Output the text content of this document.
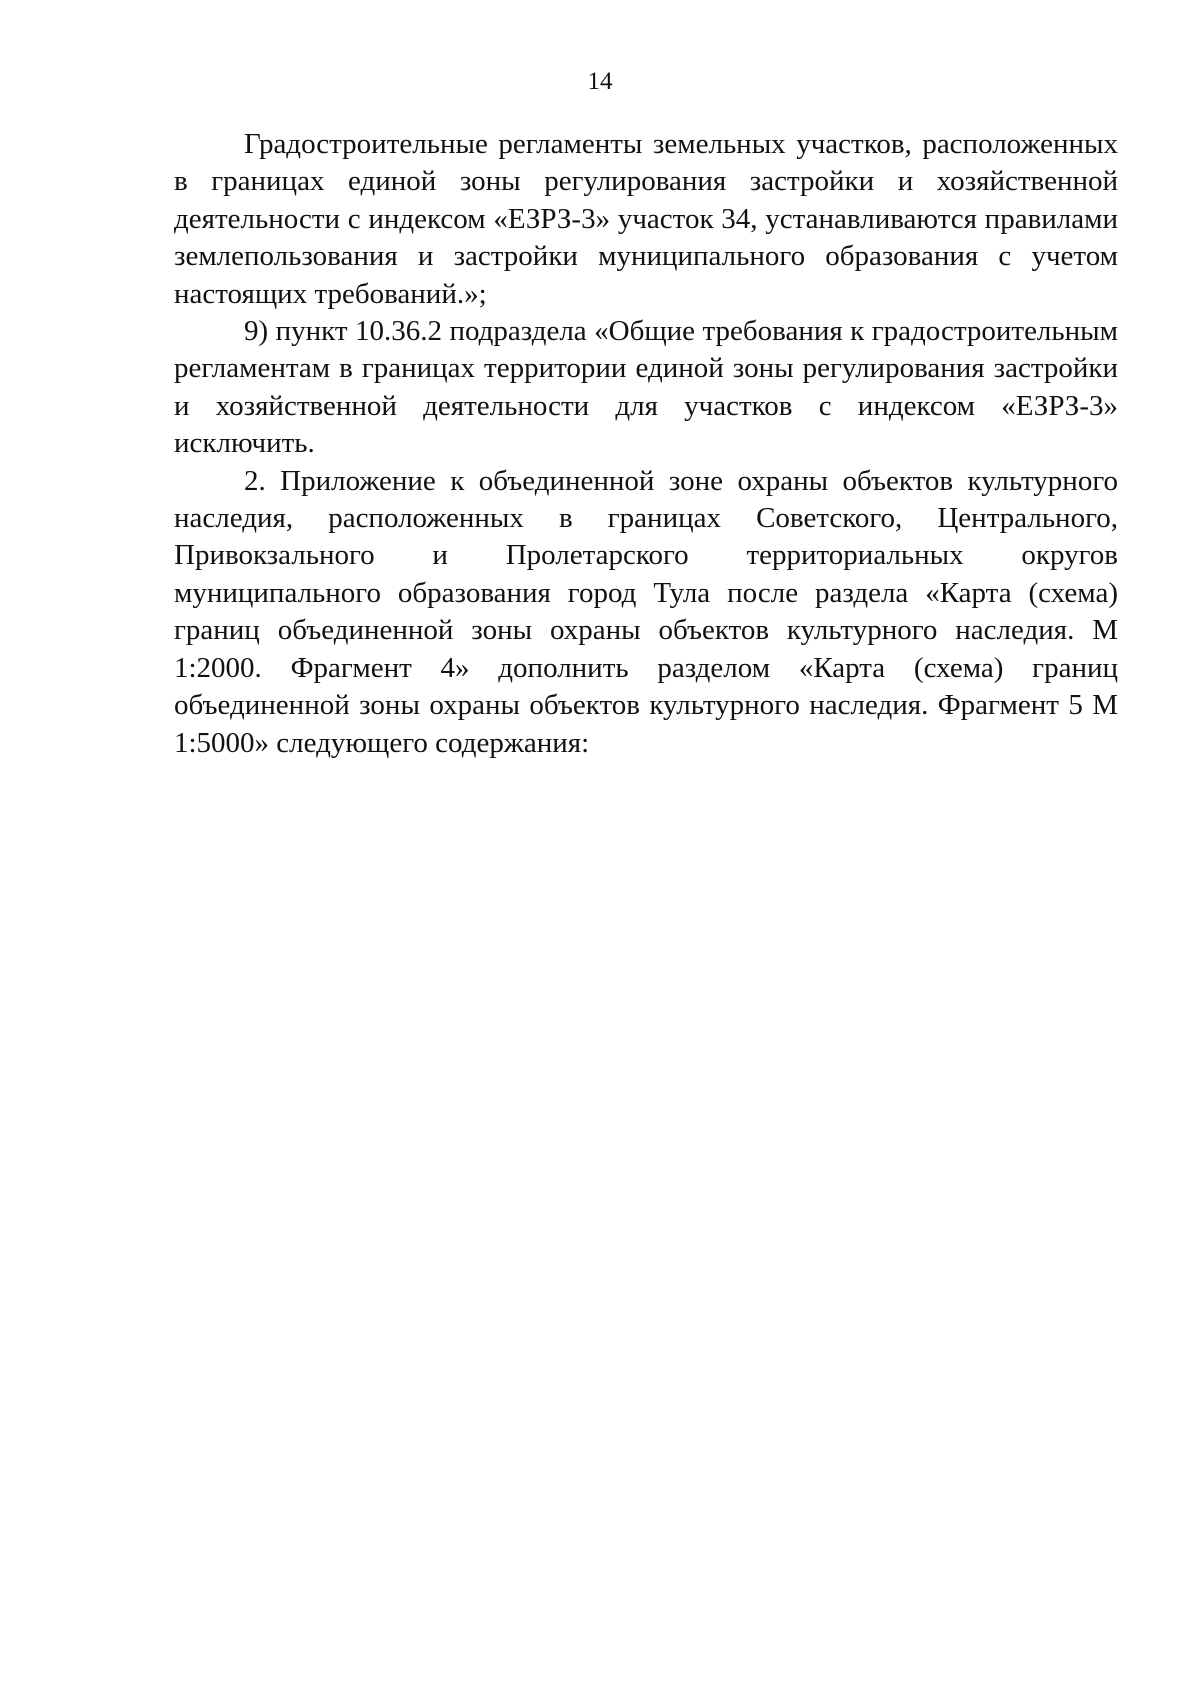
14

Градостроительные регламенты земельных участков, расположенных в границах единой зоны регулирования застройки и хозяйственной деятельности с индексом «ЕЗРЗ-3» участок 34, устанавливаются правилами землепользования и застройки муниципального образования с учетом настоящих требований.»;

9) пункт 10.36.2 подраздела «Общие требования к градостроительным регламентам в границах территории единой зоны регулирования застройки и хозяйственной деятельности для участков с индексом «ЕЗРЗ-3» исключить.

2. Приложение к объединенной зоне охраны объектов культурного наследия, расположенных в границах Советского, Центрального, Привокзального и Пролетарского территориальных округов муниципального образования город Тула после раздела «Карта (схема) границ объединенной зоны охраны объектов культурного наследия. М 1:2000. Фрагмент 4» дополнить разделом «Карта (схема) границ объединенной зоны охраны объектов культурного наследия. Фрагмент 5 М 1:5000» следующего содержания:
